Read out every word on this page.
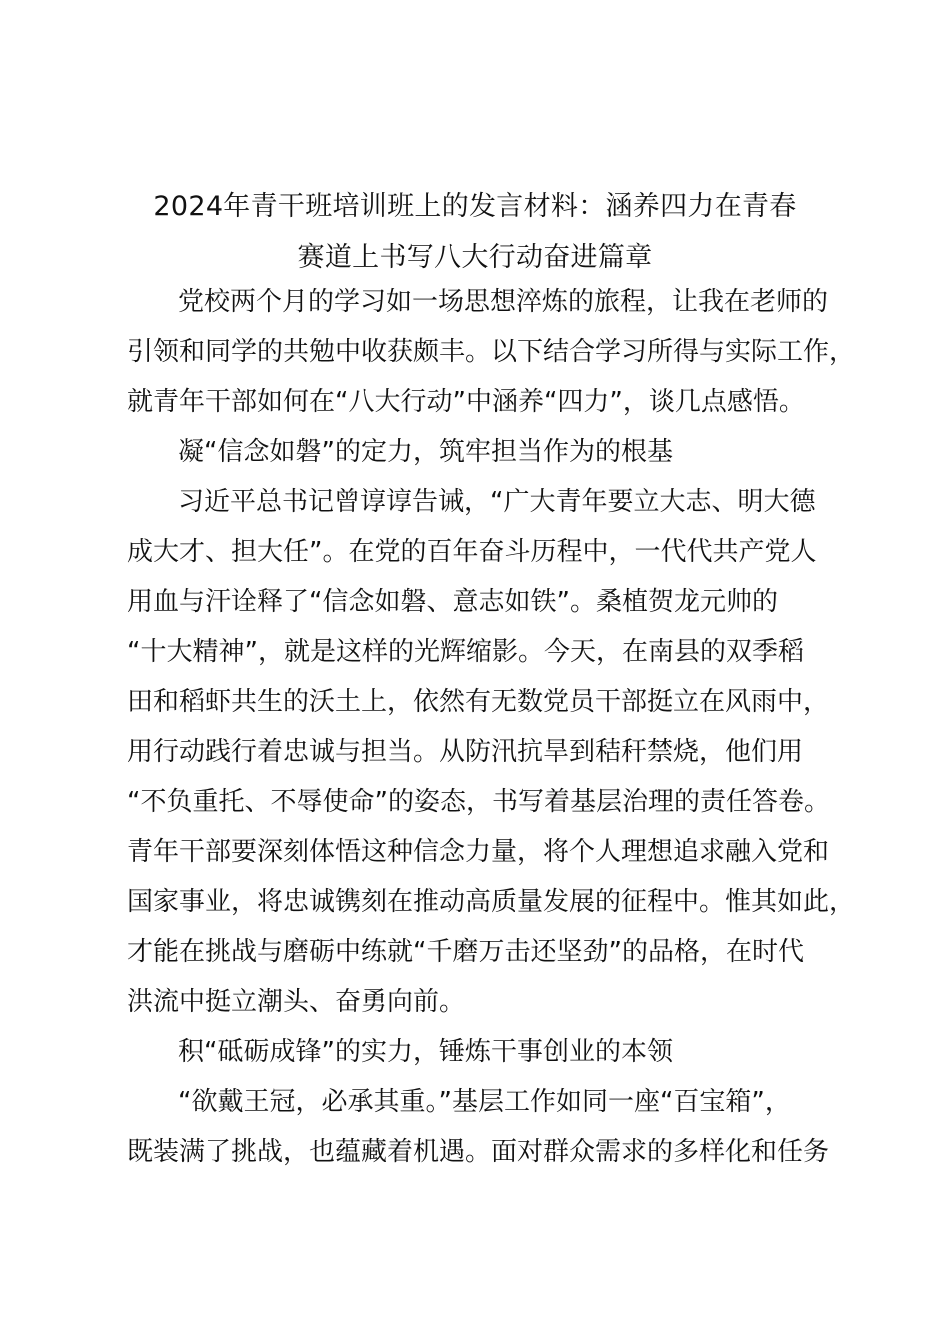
2024年青干班培训班上的发言材料：涵养四力在青春
赛道上书写八大行动奋进篇章
党校两个月的学习如一场思想淬炼的旅程，让我在老师的
引领和同学的共勉中收获颇丰。以下结合学习所得与实际工作，
就青年干部如何在“八大行动”中涵养“四力”，谈几点感悟。
凝“信念如磐”的定力，筑牢担当作为的根基
习近平总书记曾谆谆告诫，“广大青年要立大志、明大德
成大才、担大任”。在党的百年奋斗历程中，一代代共产党人
用血与汗诠释了“信念如磐、意志如铁”。桑植贺龙元帅的
“十大精神”，就是这样的光辉缩影。今天，在南县的双季稻
田和稻虾共生的沃土上，依然有无数党员干部挺立在风雨中，
用行动践行着忠诚与担当。从防汛抗旱到秸秆禁烧，他们用
“不负重托、不辱使命”的姿态，书写着基层治理的责任答卷。
青年干部要深刻体悟这种信念力量，将个人理想追求融入党和
国家事业，将忠诚镌刻在推动高质量发展的征程中。惟其如此，
才能在挑战与磨砺中练就“千磨万击还坚劲”的品格，在时代
洪流中挺立潮头、奋勇向前。
积“砥砺成锋”的实力，锤炼干事创业的本领
“欲戴王冠，必承其重。”基层工作如同一座“百宝箱”，
既装满了挑战，也蕴藏着机遇。面对群众需求的多样化和任务
